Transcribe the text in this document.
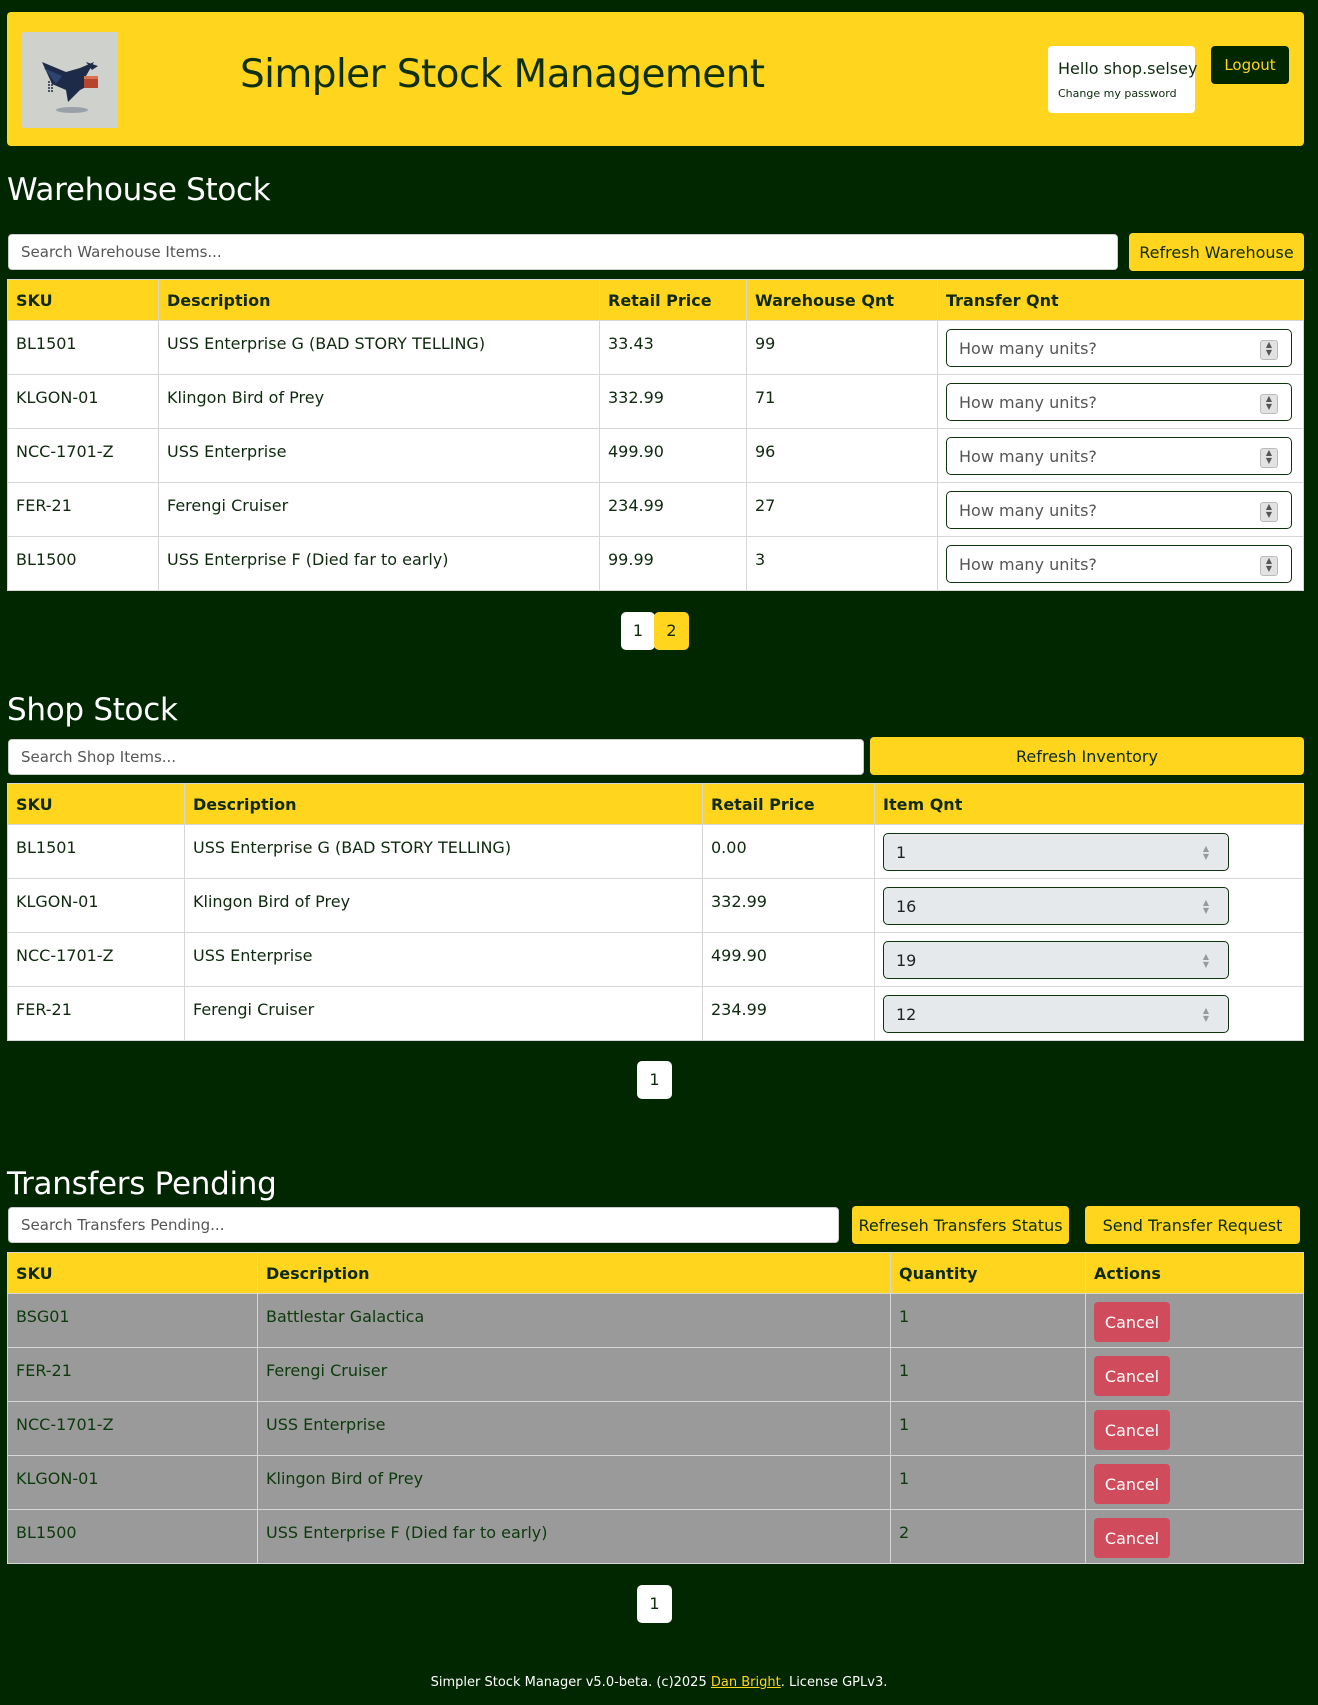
Simpler Stock Management	Hello shop.selsey
Change my password
Logout
Warehouse Stock
Search Warehouse Items...
Refresh Warehouse
SKU	Description	Retail Price	Warehouse Qnt	Transfer Qnt
BL1501	USS Enterprise G (BAD STORY TELLING)	33.43	99	How many units? ▲
▼

KLGON-01	Klingon Bird of Prey	332.99	71	How many units? ▲
▼

NCC-1701-Z	USS Enterprise	499.90	96	How many units? ▲
▼

FER-21	Ferengi Cruiser	234.99	27	How many units? ▲
▼

BL1500	USS Enterprise F (Died far to early)	99.99	3	How many units? ▲
▼
1	2
Shop Stock
Search Shop Items...
Refresh Inventory
SKU	Description	Retail Price	Item Qnt
BL1501	USS Enterprise G (BAD STORY TELLING)	0.00	1 ▲
▼

KLGON-01	Klingon Bird of Prey	332.99	16 ▲
▼

NCC-1701-Z	USS Enterprise	499.90	19 ▲
▼

FER-21	Ferengi Cruiser	234.99	12 ▲
▼
1
Transfers Pending
Search Transfers Pending...
Refreseh Transfers Status	Send Transfer Request
SKU	Description	Quantity	Actions
BSG01	Battlestar Galactica	1	Cancel
FER-21	Ferengi Cruiser	1	Cancel
NCC-1701-Z	USS Enterprise	1	Cancel
KLGON-01	Klingon Bird of Prey	1	Cancel
BL1500	USS Enterprise F (Died far to early)	2	Cancel
1
Simpler Stock Manager v5.0-beta. (c)2025 Dan Bright. License GPLv3.
